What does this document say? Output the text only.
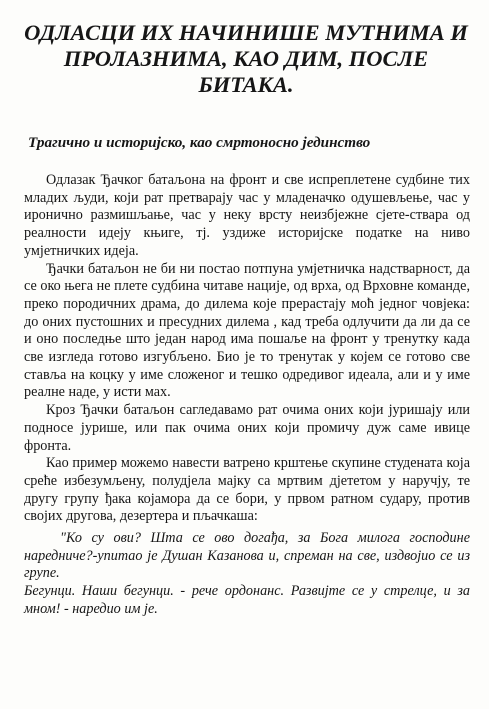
ОДЛАСЦИ ИХ НАЧИНИШЕ МУТНИМА И ПРОЛАЗНИМА, КАО ДИМ, ПОСЛЕ БИТАКА.
Трагично и историјско, као смртоносно јединство

Одлазак Ђачког батаљона на фронт и све испреплетене судбине тих младих људи, који рат претварају час у младеначко одушевљење, час у иронично размишљање, час у неку врсту неизбјежне сјете-стварa од реалности идеју књиге, тј. уздиже историјске податке на ниво умјетничких идеја.

Ђачки батаљон не би ни постао потпуна умјетничка надстварност, да се око њега не плете судбина читаве нације, од врха, од Врховне команде, преко породичних драма, до дилема које прерастају моћ једног човјека: до оних пустошних и пресудних дилема , кад треба одлучити да ли да се и оно последње што један народ има пошаље на фронт у тренутку када све изгледа готово изгубљено. Био је то тренутак у којем се готово све ставља на коцку у име сложеног и тешко одредивог идеала, али и у име реалне наде, у исти мах.

Кроз Ђачки батаљон сагледавамо рат очима оних који јуришају или подносе јуришe, или пак очима оних који промичу дуж саме ивице фронта.

Као пример можемо навести ватрено крштење скупине студената која среће избезумљену, полудјела мајку са мртвим дјететом у наручју, те другу групу ђака којамора да се бори, у првом ратном судару, против својих другова, дезертера и пљачкаша:

"Ко су ови? Шта се ово догађа, за Бога милога господине наредниче?-упитао је Душан Казанова и, спреман на све, издвојио се из групе.

Бегунци. Наши бегунци. - рече ордонанс. Развијте се у стрелце, и за мном! - наредио им је.
